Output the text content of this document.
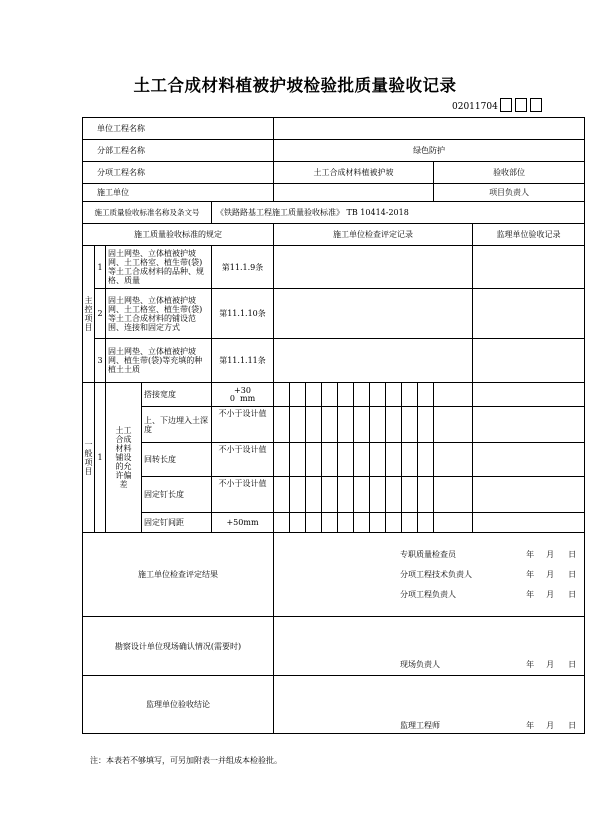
土工合成材料植被护坡检验批质量验收记录
02011704
单位工程名称	
分部工程名称	绿色防护
分项工程名称	土工合成材料植被护坡	验收部位
施工单位		项目负责人
施工质量验收标准名称及条文号	《铁路路基工程施工质量验收标准》 TB 10414-2018
施工质量验收标准的规定	施工单位检查评定记录	监理单位验收记录
主控项目	1	固土网垫、立体植被护坡网、土工格室、植生带(袋)等土工合成材料的品种、规格、质量	第11.1.9条		
2	固土网垫、立体植被护坡网、土工格室、植生带(袋)等土工合成材料的铺设范围、连接和固定方式	第11.1.10条		
3	固土网垫、立体植被护坡网、植生带(袋)等充填的种植土土质	第11.1.11条		
一般项目	1	土工合成材料铺设的允许偏差	搭接宽度	+30
0 mm

上、下边埋入土深度	不小于设计值												
回转长度	不小于设计值												
固定钉长度	不小于设计值												
固定钉间距	+50mm												
施工单位检查评定结果	
	专职质量检查员	年	月	日
	分项工程技术负责人	年	月	日
	分项工程负责人	年	月	日

勘察设计单位现场确认情况(需要时)	
	现场负责人	年	月	日

监理单位验收结论	
	监理工程师	年	月	日
注：本表若不够填写，可另加附表一并组成本检验批。
